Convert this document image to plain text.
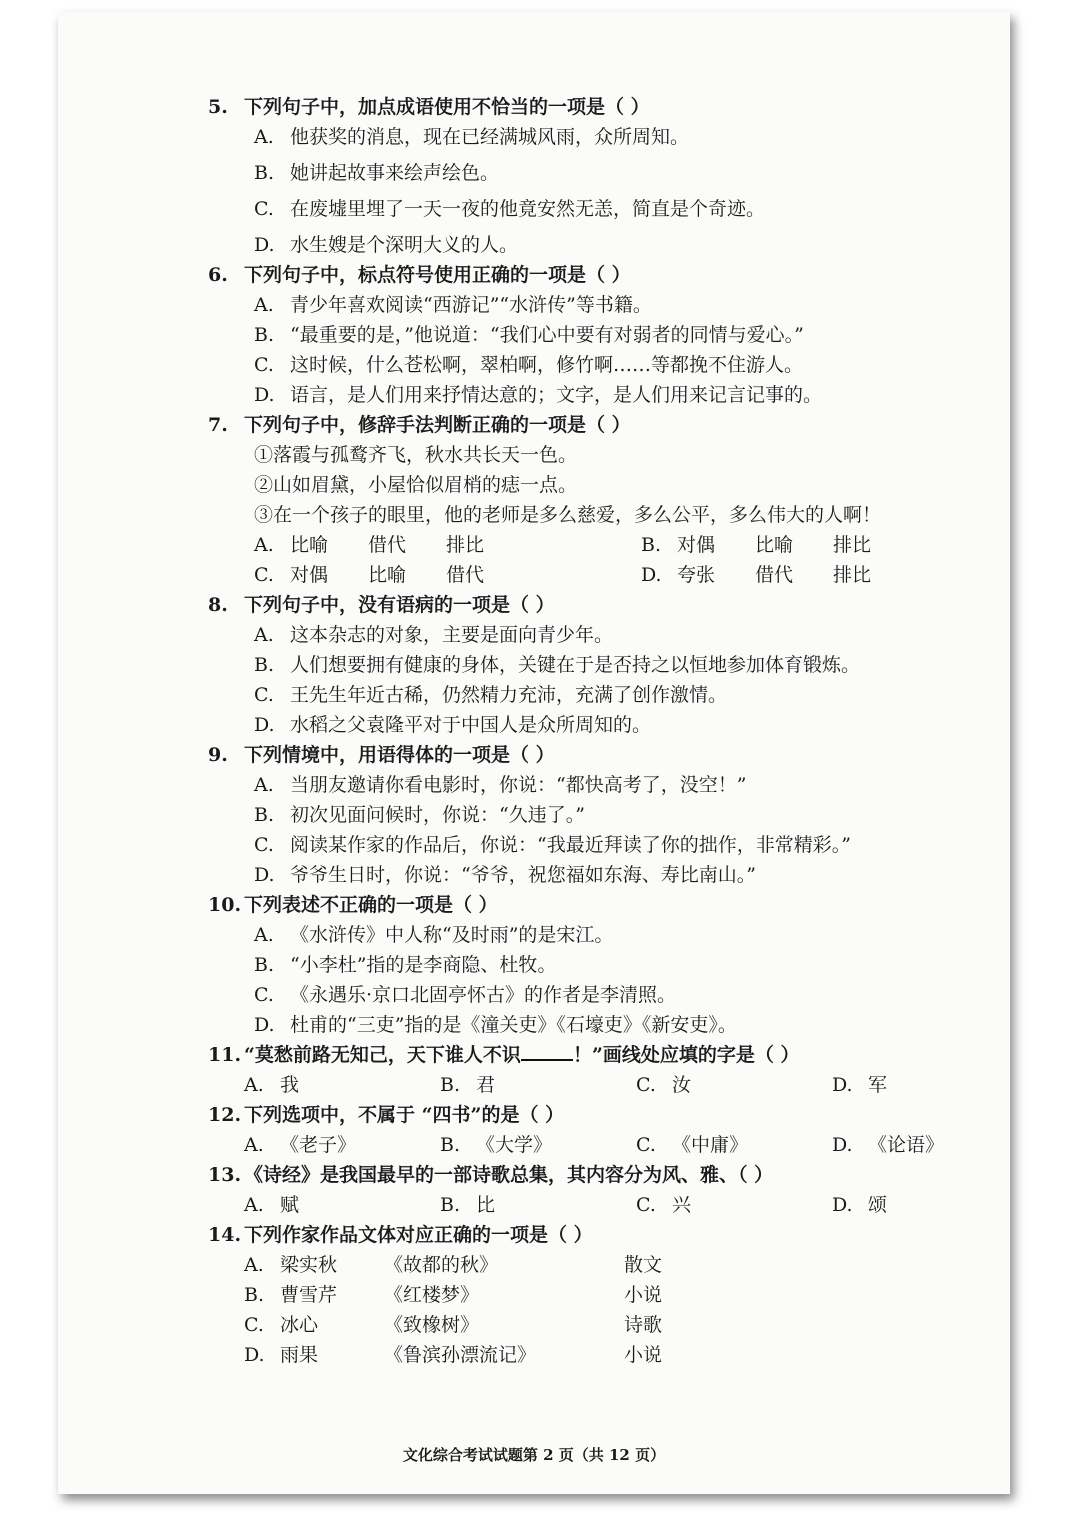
5. 下列句子中，加点成语使用不恰当的一项是（ ）
A. 他获奖的消息，现在已经满城风雨，众所周知。
B. 她讲起故事来绘声绘色。
C. 在废墟里埋了一天一夜的他竟安然无恙，简直是个奇迹。
D. 水生嫂是个深明大义的人。
6. 下列句子中，标点符号使用正确的一项是（ ）
A. 青少年喜欢阅读“西游记”“水浒传”等书籍。
B. “最重要的是，”他说道：“我们心中要有对弱者的同情与爱心。”
C. 这时候，什么苍松啊，翠柏啊，修竹啊……等都挽不住游人。
D. 语言，是人们用来抒情达意的；文字，是人们用来记言记事的。
7. 下列句子中，修辞手法判断正确的一项是（ ）
①落霞与孤鹜齐飞，秋水共长天一色。
②山如眉黛，小屋恰似眉梢的痣一点。
③在一个孩子的眼里，他的老师是多么慈爱，多么公平，多么伟大的人啊！
A. 比喻 借代 排比	B. 对偶 比喻 排比
C. 对偶 比喻 借代	D. 夸张 借代 排比
8. 下列句子中，没有语病的一项是（ ）
A. 这本杂志的对象，主要是面向青少年。
B. 人们想要拥有健康的身体，关键在于是否持之以恒地参加体育锻炼。
C. 王先生年近古稀，仍然精力充沛，充满了创作激情。
D. 水稻之父袁隆平对于中国人是众所周知的。
9. 下列情境中，用语得体的一项是（ ）
A. 当朋友邀请你看电影时，你说：“都快高考了，没空！”
B. 初次见面问候时，你说：“久违了。”
C. 阅读某作家的作品后，你说：“我最近拜读了你的拙作，非常精彩。”
D. 爷爷生日时，你说：“爷爷，祝您福如东海、寿比南山。”
10. 下列表述不正确的一项是（ ）
A. 《水浒传》中人称“及时雨”的是宋江。
B. “小李杜”指的是李商隐、杜牧。
C. 《永遇乐·京口北固亭怀古》的作者是李清照。
D. 杜甫的“三吏”指的是《潼关吏》《石壕吏》《新安吏》。
11. “莫愁前路无知己，天下谁人不识	！”画线处应填的字是（ ）
A. 我	B. 君	C. 汝	D. 军
12. 下列选项中，不属于 “四书”的是（ ）
A. 《老子》	B. 《大学》	C. 《中庸》	D. 《论语》
13. 《诗经》是我国最早的一部诗歌总集，其内容分为风、雅、（ ）
A. 赋	B. 比	C. 兴	D. 颂
14. 下列作家作品文体对应正确的一项是（ ）
A. 梁实秋	《故都的秋》	散文
B. 曹雪芹	《红楼梦》	小说
C. 冰心	《致橡树》	诗歌
D. 雨果	《鲁滨孙漂流记》	小说
文化综合考试试题第 2 页（共 12 页）
